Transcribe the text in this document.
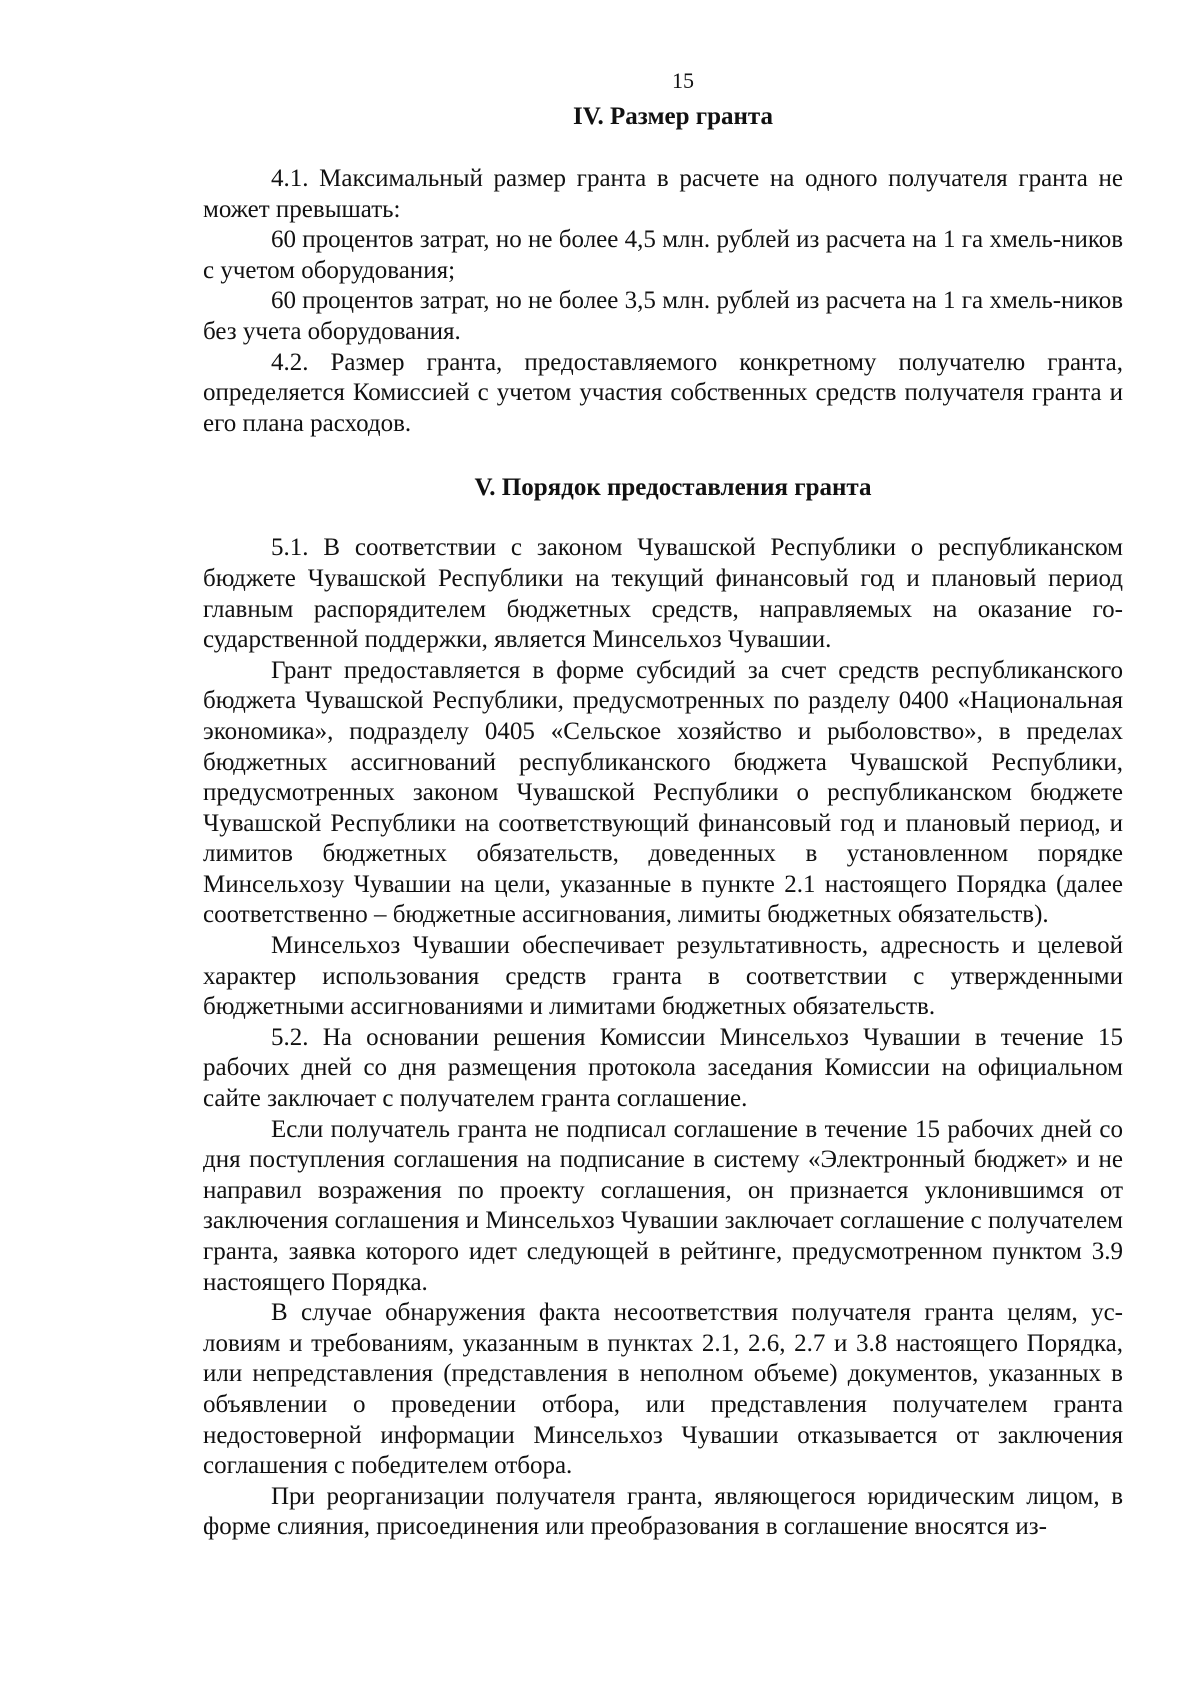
15
IV. Размер гранта

4.1. Максимальный размер гранта в расчете на одного получателя гранта не может превышать:

60 процентов затрат, но не более 4,5 млн. рублей из расчета на 1 га хмель-ников с учетом оборудования;

60 процентов затрат, но не более 3,5 млн. рублей из расчета на 1 га хмель-ников без учета оборудования.

4.2. Размер гранта, предоставляемого конкретному получателю гранта, определяется Комиссией с учетом участия собственных средств получателя гранта и его плана расходов.

V. Порядок предоставления гранта

5.1. В соответствии с законом Чувашской Республики о республиканском бюджете Чувашской Республики на текущий финансовый год и плановый период главным распорядителем бюджетных средств, направляемых на оказание государственной поддержки, является Минсельхоз Чувашии.

Грант предоставляется в форме субсидий за счет средств республиканского бюджета Чувашской Республики, предусмотренных по разделу 0400 «Национальная экономика», подразделу 0405 «Сельское хозяйство и рыболовство», в пределах бюджетных ассигнований республиканского бюджета Чувашской Республики, предусмотренных законом Чувашской Республики о республиканском бюджете Чувашской Республики на соответствующий финансовый год и плановый период, и лимитов бюджетных обязательств, доведенных в установленном порядке Минсельхозу Чувашии на цели, указанные в пункте 2.1 настоящего Порядка (далее соответственно – бюджетные ассигнования, лимиты бюджетных обязательств).

Минсельхоз Чувашии обеспечивает результативность, адресность и целевой характер использования средств гранта в соответствии с утвержденными бюджетными ассигнованиями и лимитами бюджетных обязательств.

5.2. На основании решения Комиссии Минсельхоз Чувашии в течение 15 рабочих дней со дня размещения протокола заседания Комиссии на официальном сайте заключает с получателем гранта соглашение.

Если получатель гранта не подписал соглашение в течение 15 рабочих дней со дня поступления соглашения на подписание в систему «Электронный бюджет» и не направил возражения по проекту соглашения, он признается уклонившимся от заключения соглашения и Минсельхоз Чувашии заключает соглашение с получателем гранта, заявка которого идет следующей в рейтинге, предусмотренном пунктом 3.9 настоящего Порядка.

В случае обнаружения факта несоответствия получателя гранта целям, условиям и требованиям, указанным в пунктах 2.1, 2.6, 2.7 и 3.8 настоящего Порядка, или непредставления (представления в неполном объеме) документов, указанных в объявлении о проведении отбора, или представления получателем гранта недостоверной информации Минсельхоз Чувашии отказывается от заключения соглашения с победителем отбора.

При реорганизации получателя гранта, являющегося юридическим лицом, в форме слияния, присоединения или преобразования в соглашение вносятся из-
